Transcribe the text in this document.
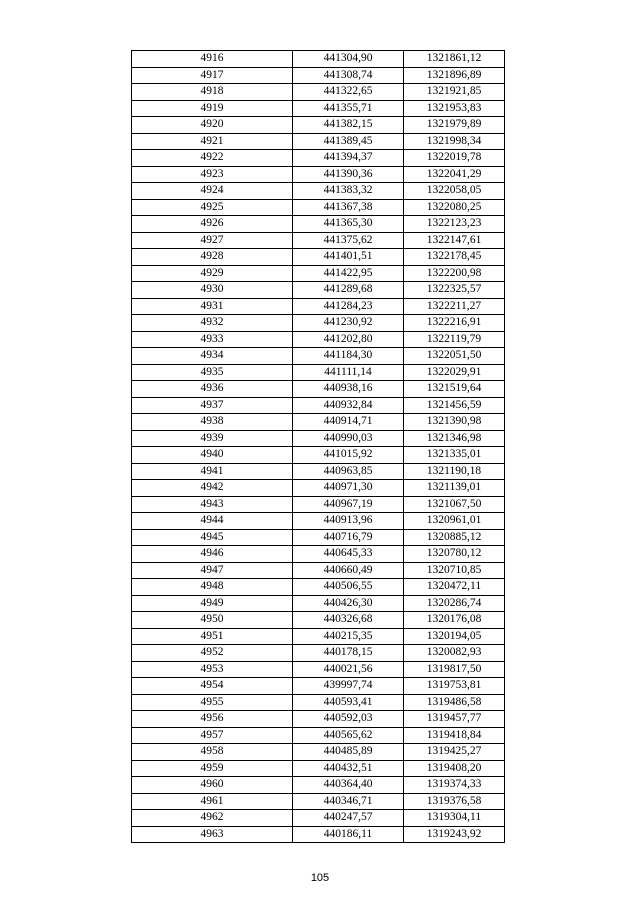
4916	441304,90	1321861,12
4917	441308,74	1321896,89
4918	441322,65	1321921,85
4919	441355,71	1321953,83
4920	441382,15	1321979,89
4921	441389,45	1321998,34
4922	441394,37	1322019,78
4923	441390,36	1322041,29
4924	441383,32	1322058,05
4925	441367,38	1322080,25
4926	441365,30	1322123,23
4927	441375,62	1322147,61
4928	441401,51	1322178,45
4929	441422,95	1322200,98
4930	441289,68	1322325,57
4931	441284,23	1322211,27
4932	441230,92	1322216,91
4933	441202,80	1322119,79
4934	441184,30	1322051,50
4935	441111,14	1322029,91
4936	440938,16	1321519,64
4937	440932,84	1321456,59
4938	440914,71	1321390,98
4939	440990,03	1321346,98
4940	441015,92	1321335,01
4941	440963,85	1321190,18
4942	440971,30	1321139,01
4943	440967,19	1321067,50
4944	440913,96	1320961,01
4945	440716,79	1320885,12
4946	440645,33	1320780,12
4947	440660,49	1320710,85
4948	440506,55	1320472,11
4949	440426,30	1320286,74
4950	440326,68	1320176,08
4951	440215,35	1320194,05
4952	440178,15	1320082,93
4953	440021,56	1319817,50
4954	439997,74	1319753,81
4955	440593,41	1319486,58
4956	440592,03	1319457,77
4957	440565,62	1319418,84
4958	440485,89	1319425,27
4959	440432,51	1319408,20
4960	440364,40	1319374,33
4961	440346,71	1319376,58
4962	440247,57	1319304,11
4963	440186,11	1319243,92
105
